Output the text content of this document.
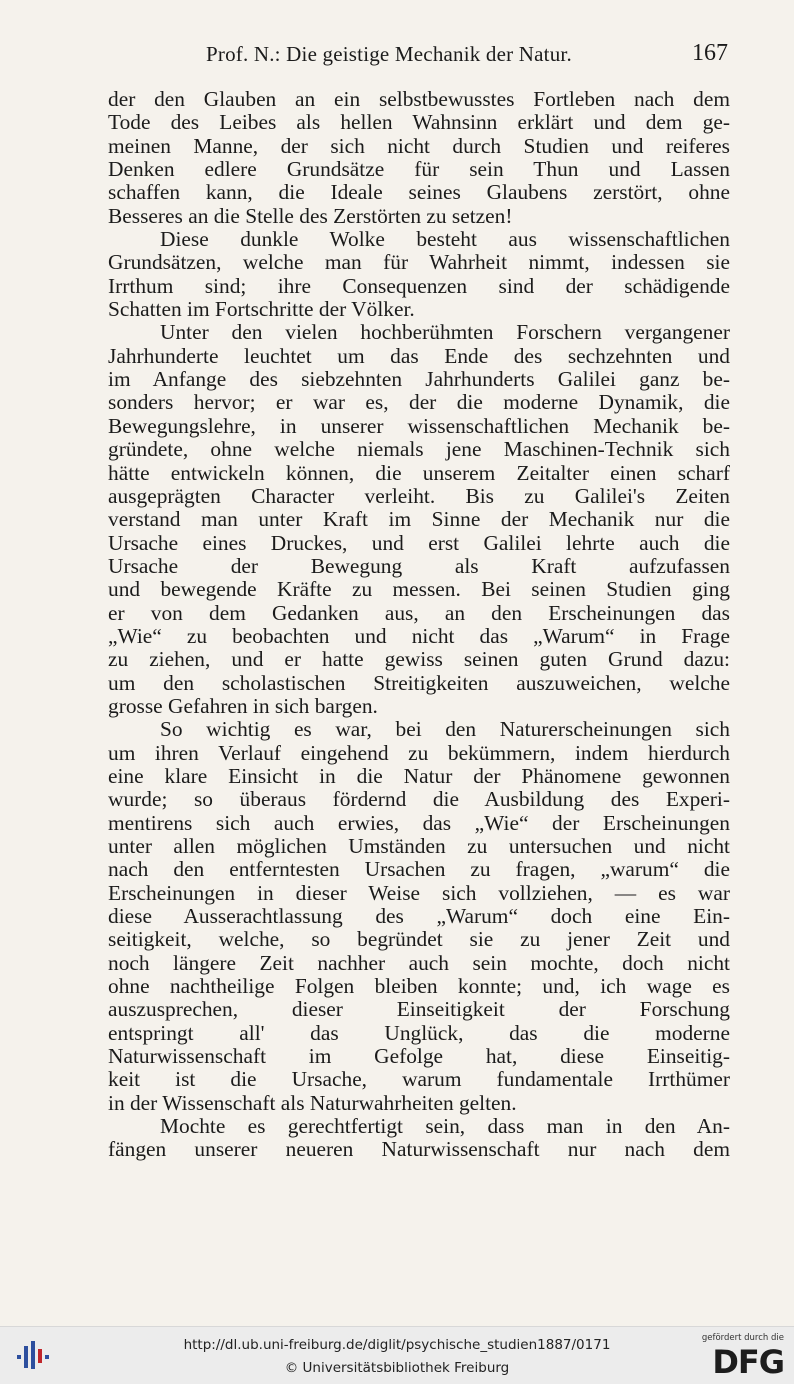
Prof. N.: Die geistige Mechanik der Natur.	167
der den Glauben an ein selbstbewusstes Fortleben nach dem
Tode des Leibes als hellen Wahnsinn erklärt und dem ge-
meinen Manne, der sich nicht durch Studien und reiferes
Denken edlere Grundsätze für sein Thun und Lassen
schaffen kann, die Ideale seines Glaubens zerstört, ohne
Besseres an die Stelle des Zerstörten zu setzen!
Diese dunkle Wolke besteht aus wissenschaftlichen
Grundsätzen, welche man für Wahrheit nimmt, indessen sie
Irrthum sind; ihre Consequenzen sind der schädigende
Schatten im Fortschritte der Völker.
Unter den vielen hochberühmten Forschern vergangener
Jahrhunderte leuchtet um das Ende des sechzehnten und
im Anfange des siebzehnten Jahrhunderts Galilei ganz be-
sonders hervor; er war es, der die moderne Dynamik, die
Bewegungslehre, in unserer wissenschaftlichen Mechanik be-
gründete, ohne welche niemals jene Maschinen-Technik sich
hätte entwickeln können, die unserem Zeitalter einen scharf
ausgeprägten Character verleiht. Bis zu Galilei's Zeiten
verstand man unter Kraft im Sinne der Mechanik nur die
Ursache eines Druckes, und erst Galilei lehrte auch die
Ursache der Bewegung als Kraft aufzufassen
und bewegende Kräfte zu messen. Bei seinen Studien ging
er von dem Gedanken aus, an den Erscheinungen das
„Wie“ zu beobachten und nicht das „Warum“ in Frage
zu ziehen, und er hatte gewiss seinen guten Grund dazu:
um den scholastischen Streitigkeiten auszuweichen, welche
grosse Gefahren in sich bargen.
So wichtig es war, bei den Naturerscheinungen sich
um ihren Verlauf eingehend zu bekümmern, indem hierdurch
eine klare Einsicht in die Natur der Phänomene gewonnen
wurde; so überaus fördernd die Ausbildung des Experi-
mentirens sich auch erwies, das „Wie“ der Erscheinungen
unter allen möglichen Umständen zu untersuchen und nicht
nach den entferntesten Ursachen zu fragen, „warum“ die
Erscheinungen in dieser Weise sich vollziehen, — es war
diese Ausserachtlassung des „Warum“ doch eine Ein-
seitigkeit, welche, so begründet sie zu jener Zeit und
noch längere Zeit nachher auch sein mochte, doch nicht
ohne nachtheilige Folgen bleiben konnte; und, ich wage es
auszusprechen, dieser Einseitigkeit der Forschung
entspringt all' das Unglück, das die moderne
Naturwissenschaft im Gefolge hat, diese Einseitig-
keit ist die Ursache, warum fundamentale Irrthümer
in der Wissenschaft als Naturwahrheiten gelten.
Mochte es gerechtfertigt sein, dass man in den An-
fängen unserer neueren Naturwissenschaft nur nach dem
http://dl.ub.uni-freiburg.de/diglit/psychische_studien1887/0171
© Universitätsbibliothek Freiburg
gefördert durch die
DFG
